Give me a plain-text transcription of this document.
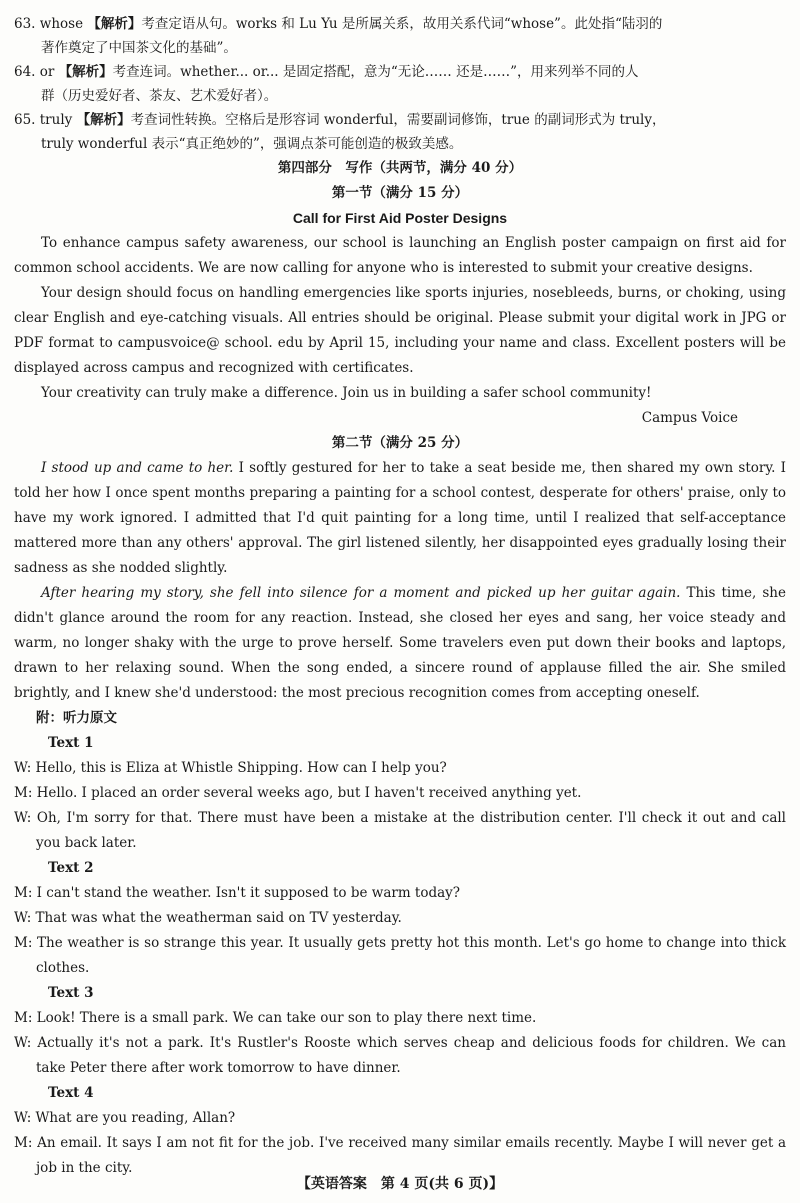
63. whose 【解析】考查定语从句。works 和 Lu Yu 是所属关系，故用关系代词“whose”。此处指“陆羽的
著作奠定了中国茶文化的基础”。
64. or 【解析】考查连词。whether... or... 是固定搭配，意为“无论…… 还是……”，用来列举不同的人
群（历史爱好者、茶友、艺术爱好者）。
65. truly 【解析】考查词性转换。空格后是形容词 wonderful，需要副词修饰，true 的副词形式为 truly，
truly wonderful 表示“真正绝妙的”，强调点茶可能创造的极致美感。
第四部分　写作（共两节，满分 40 分）
第一节（满分 15 分）
Call for First Aid Poster Designs

To enhance campus safety awareness, our school is launching an English poster campaign on first aid for common school accidents. We are now calling for anyone who is interested to submit your creative designs.

Your design should focus on handling emergencies like sports injuries, nosebleeds, burns, or choking, using clear English and eye-catching visuals. All entries should be original. Please submit your digital work in JPG or PDF format to campusvoice@ school. edu by April 15, including your name and class. Excellent posters will be displayed across campus and recognized with certificates.

Your creativity can truly make a difference. Join us in building a safer school community!

Campus Voice
第二节（满分 25 分）

I stood up and came to her. I softly gestured for her to take a seat beside me, then shared my own story. I told her how I once spent months preparing a painting for a school contest, desperate for others' praise, only to have my work ignored. I admitted that I'd quit painting for a long time, until I realized that self-acceptance mattered more than any others' approval. The girl listened silently, her disappointed eyes gradually losing their sadness as she nodded slightly.

After hearing my story, she fell into silence for a moment and picked up her guitar again. This time, she didn't glance around the room for any reaction. Instead, she closed her eyes and sang, her voice steady and warm, no longer shaky with the urge to prove herself. Some travelers even put down their books and laptops, drawn to her relaxing sound. When the song ended, a sincere round of applause filled the air. She smiled brightly, and I knew she'd understood: the most precious recognition comes from accepting oneself.

附：听力原文
Text 1
W: Hello, this is Eliza at Whistle Shipping. How can I help you?
M: Hello. I placed an order several weeks ago, but I haven't received anything yet.
W: Oh, I'm sorry for that. There must have been a mistake at the distribution center. I'll check it out and call you back later.
Text 2
M: I can't stand the weather. Isn't it supposed to be warm today?
W: That was what the weatherman said on TV yesterday.
M: The weather is so strange this year. It usually gets pretty hot this month. Let's go home to change into thick clothes.
Text 3
M: Look! There is a small park. We can take our son to play there next time.
W: Actually it's not a park. It's Rustler's Rooste which serves cheap and delicious foods for children. We can take Peter there after work tomorrow to have dinner.
Text 4
W: What are you reading, Allan?
M: An email. It says I am not fit for the job. I've received many similar emails recently. Maybe I will never get a job in the city.
【英语答案　第 4 页(共 6 页)】
